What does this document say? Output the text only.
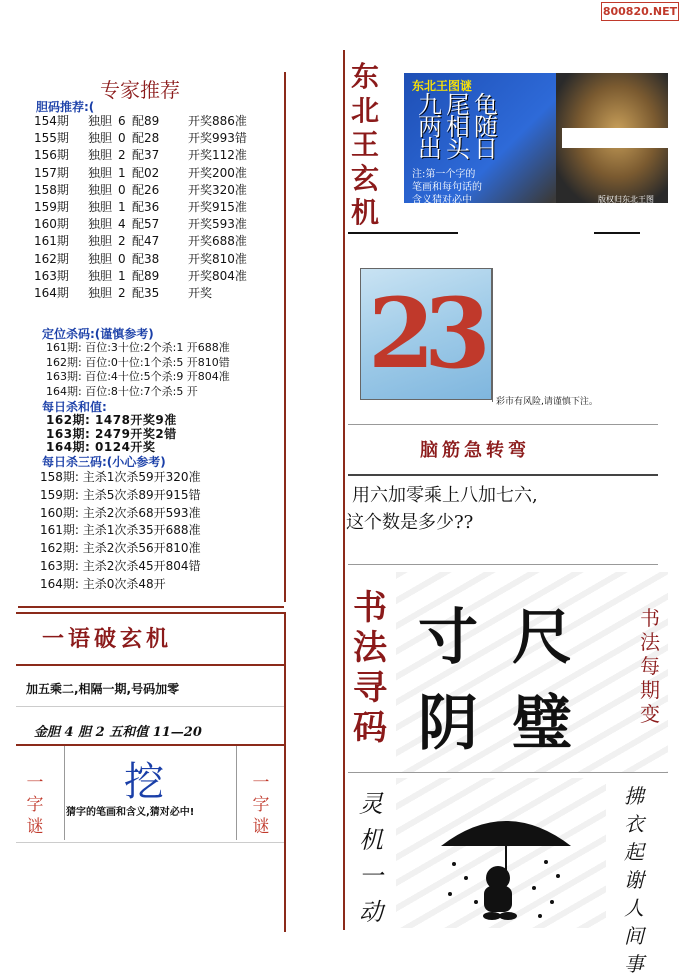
800820.NET
专家推荐
胆码推荐:(
154期 独胆 6 配89 开奖886准
155期 独胆 0 配28 开奖993错
156期 独胆 2 配37 开奖112准
157期 独胆 1 配02 开奖200准
158期 独胆 0 配26 开奖320准
159期 独胆 1 配36 开奖915准
160期 独胆 4 配57 开奖593准
161期 独胆 2 配47 开奖688准
162期 独胆 0 配38 开奖810准
163期 独胆 1 配89 开奖804准
164期 独胆 2 配35 开奖
定位杀码:(谨慎参考)
161期: 百位:3十位:2个杀:1 开688准
162期: 百位:0十位:1个杀:5 开810错
163期: 百位:4十位:5个杀:9 开804准
164期: 百位:8十位:7个杀:5 开
每日杀和值:
162期: 1478开奖9准
163期: 2479开奖2错
164期: 0124开奖
每日杀三码:(小心参考)
158期: 主杀1次杀59开320准
159期: 主杀5次杀89开915错
160期: 主杀2次杀68开593准
161期: 主杀1次杀35开688准
162期: 主杀2次杀56开810准
163期: 主杀2次杀45开804错
164期: 主杀0次杀48开
一语破玄机
加五乘二,相隔一期,号码加零
金胆 4 胆 2 五和值 11—20
一
字
谜
一
字
谜
挖
猜字的笔画和含义,猜对必中!
东
北
王
玄
机
东北王图谜
九尾龟
两相随
出头日
注:第一个字的
笔画和每句话的
含义猜对必中	版权归东北王图
2
3
彩市有风险,请谨慎下注。
脑筋急转弯
用六加零乘上八加七六,
这个数是多少??
书
法
寻
码
寸 尺
阴 璧
书
法
每
期
变
灵
机
一
动
拂
衣
起
谢
人
间
事
